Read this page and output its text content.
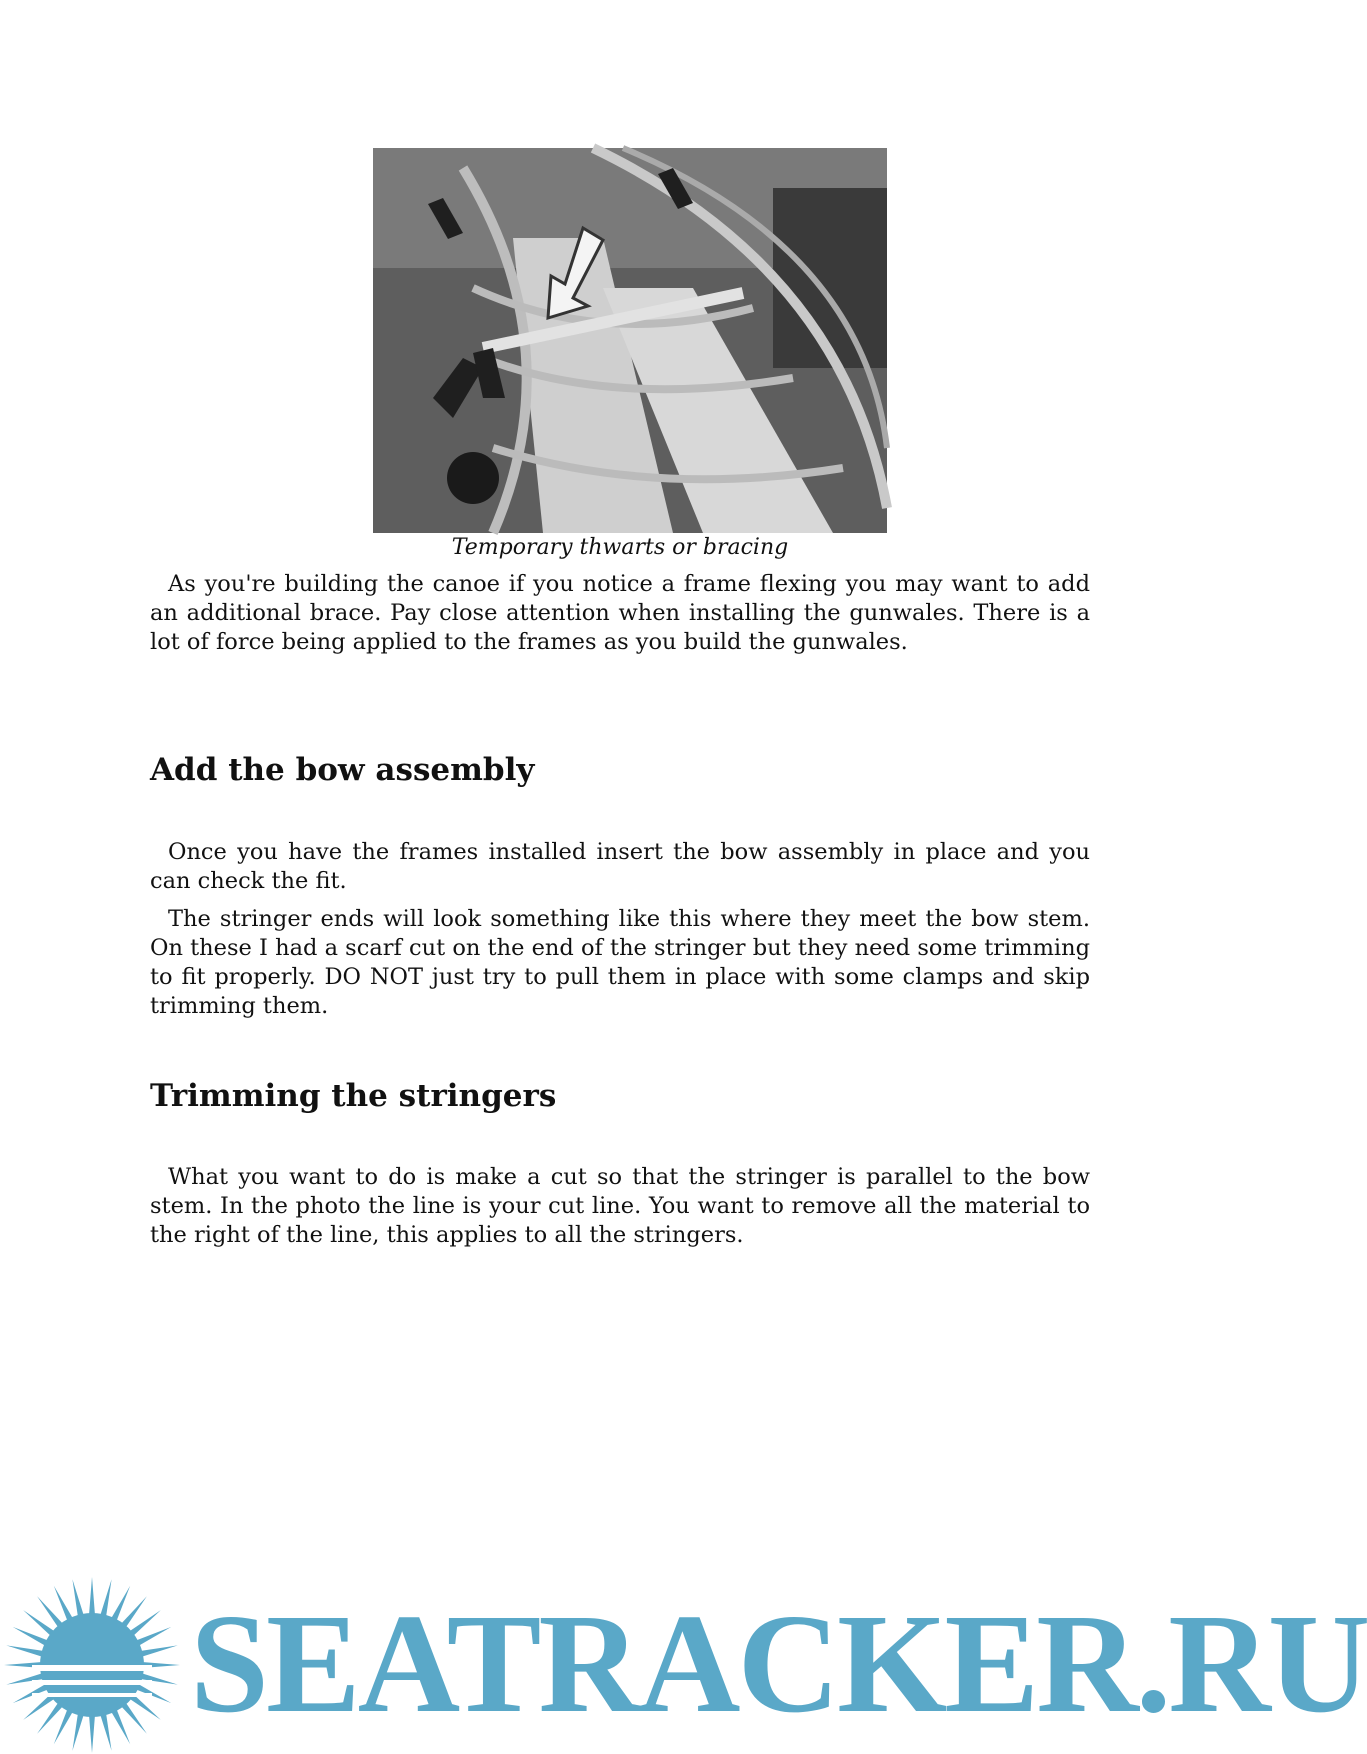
Temporary thwarts or bracing

As you're building the canoe if you notice a frame flexing you may want to add an additional brace. Pay close attention when installing the gunwales. There is a lot of force being applied to the frames as you build the gunwales.

Add the bow assembly

Once you have the frames installed insert the bow assembly in place and you can check the fit.

The stringer ends will look something like this where they meet the bow stem. On these I had a scarf cut on the end of the stringer but they need some trimming to fit properly. DO NOT just try to pull them in place with some clamps and skip trimming them.

Trimming the stringers

What you want to do is make a cut so that the stringer is parallel to the bow stem. In the photo the line is your cut line. You want to remove all the material to the right of the line, this applies to all the stringers.

SEATRACKER.RU
